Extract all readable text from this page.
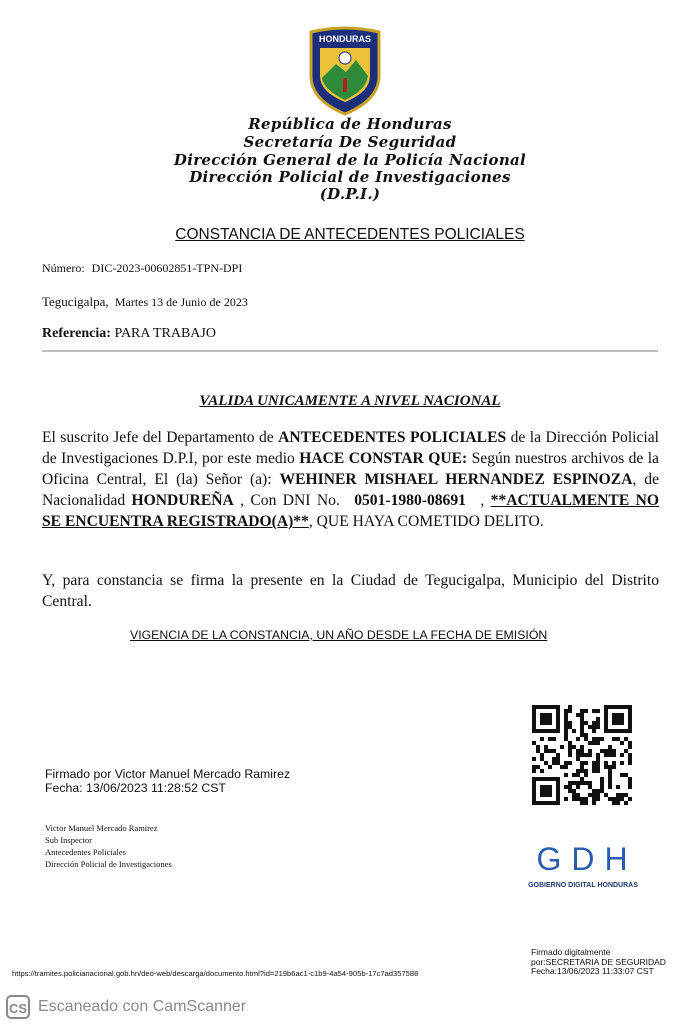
HONDURAS
República de Honduras
Secretaría De Seguridad
Dirección General de la Policía Nacional
Dirección Policial de Investigaciones
(D.P.I.)
CONSTANCIA DE ANTECEDENTES POLICIALES
Número: DIC-2023-00602851-TPN-DPI
Tegucigalpa, Martes 13 de Junio de 2023
Referencia: PARA TRABAJO
VALIDA UNICAMENTE A NIVEL NACIONAL
El suscrito Jefe del Departamento de ANTECEDENTES POLICIALES de la Dirección Policial de Investigaciones D.P.I, por este medio HACE CONSTAR QUE: Según nuestros archivos de la Oficina Central, El (la) Señor (a): WEHINER MISHAEL HERNANDEZ ESPINOZA, de Nacionalidad HONDUREÑA , Con DNI No. 0501-1980-08691 , **ACTUALMENTE NO SE ENCUENTRA REGISTRADO(A)**, QUE HAYA COMETIDO DELITO.
Y, para constancia se firma la presente en la Ciudad de Tegucigalpa, Municipio del Distrito Central.
VIGENCIA DE LA CONSTANCIA, UN AÑO DESDE LA FECHA DE EMISIÓN
Firmado por Victor Manuel Mercado Ramirez
Fecha: 13/06/2023 11:28:52 CST
Victor Manuel Mercado Ramirez
Sub Inspector
Antecedentes Policiales
Dirección Policial de Investigaciones	GDH
GOBIERNO DIGITAL HONDURAS
https://tramites.policianacional.gob.hn/deo-web/descarga/documento.html?id=219b6ac1-c1b9-4a54-905b-17c7ad357588
Firmado digitalmente
por:SECRETARIA DE SEGURIDAD
Fecha:13/06/2023 11:33:07 CST
CS Escaneado con CamScanner
